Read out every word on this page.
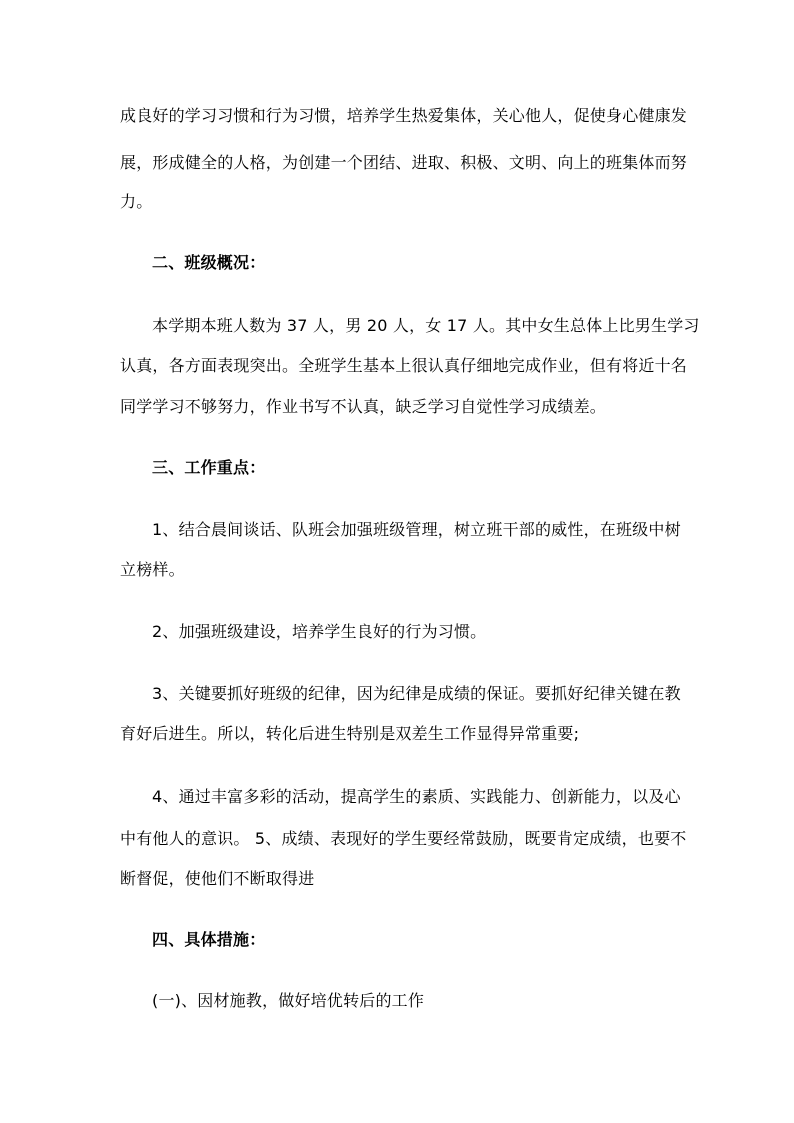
成良好的学习习惯和行为习惯，培养学生热爱集体，关心他人，促使身心健康发
展，形成健全的人格，为创建一个团结、进取、积极、文明、向上的班集体而努
力。
二、班级概况：
本学期本班人数为 37 人，男 20 人，女 17 人。其中女生总体上比男生学习
认真，各方面表现突出。全班学生基本上很认真仔细地完成作业，但有将近十名
同学学习不够努力，作业书写不认真，缺乏学习自觉性学习成绩差。
三、工作重点：
1、结合晨间谈话、队班会加强班级管理，树立班干部的威性，在班级中树
立榜样。
2、加强班级建设，培养学生良好的行为习惯。
3、关键要抓好班级的纪律，因为纪律是成绩的保证。要抓好纪律关键在教
育好后进生。所以，转化后进生特别是双差生工作显得异常重要;
4、通过丰富多彩的活动，提高学生的素质、实践能力、创新能力，以及心
中有他人的意识。 5、成绩、表现好的学生要经常鼓励，既要肯定成绩，也要不
断督促，使他们不断取得进
四、具体措施：
(一)、因材施教，做好培优转后的工作
